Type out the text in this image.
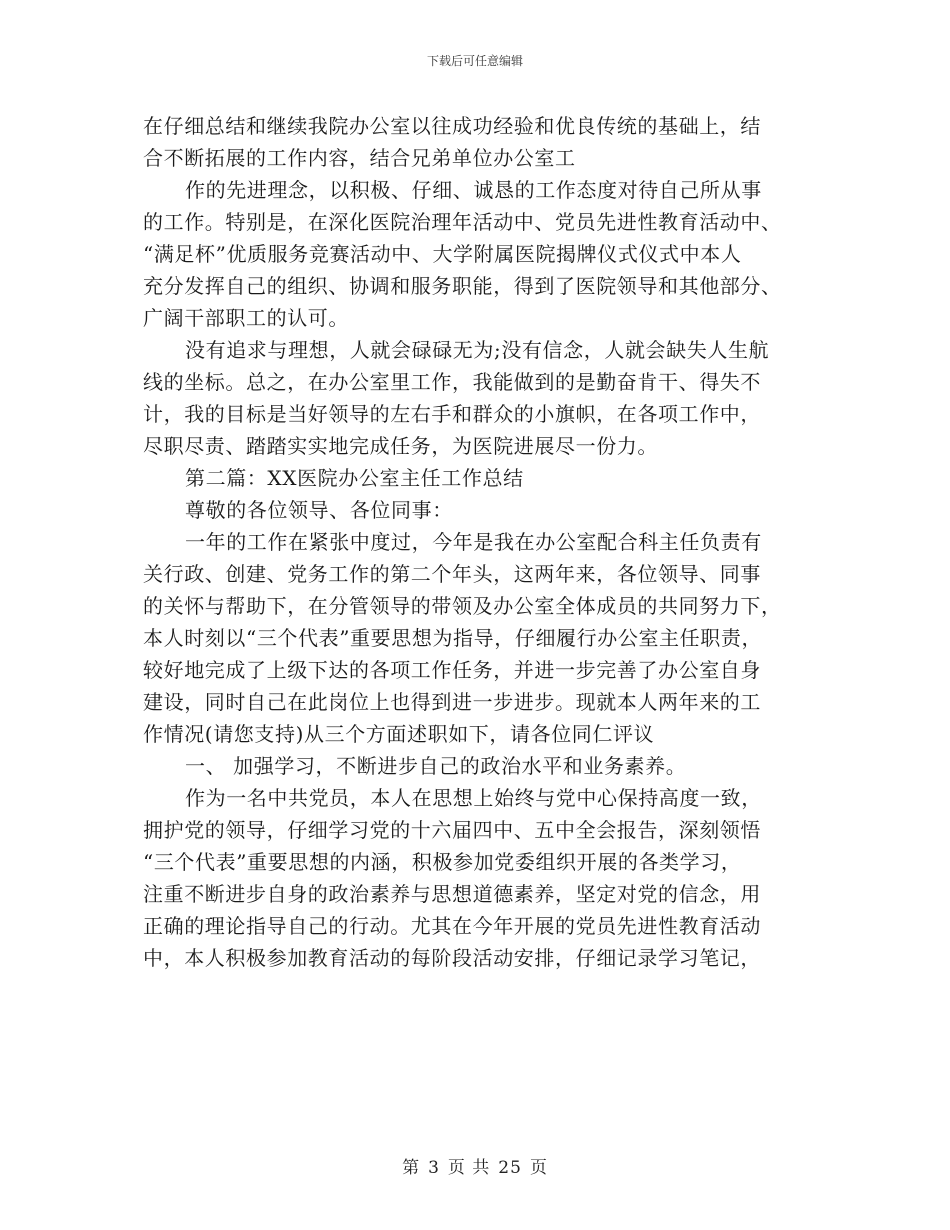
下载后可任意编辑
在仔细总结和继续我院办公室以往成功经验和优良传统的基础上，结
合不断拓展的工作内容，结合兄弟单位办公室工
作的先进理念，以积极、仔细、诚恳的工作态度对待自己所从事
的工作。特别是，在深化医院治理年活动中、党员先进性教育活动中、
“满足杯”优质服务竞赛活动中、大学附属医院揭牌仪式仪式中本人
充分发挥自己的组织、协调和服务职能，得到了医院领导和其他部分、
广阔干部职工的认可。
没有追求与理想，人就会碌碌无为;没有信念，人就会缺失人生航
线的坐标。总之，在办公室里工作，我能做到的是勤奋肯干、得失不
计，我的目标是当好领导的左右手和群众的小旗帜，在各项工作中，
尽职尽责、踏踏实实地完成任务，为医院进展尽一份力。
第二篇：XX医院办公室主任工作总结
尊敬的各位领导、各位同事：
一年的工作在紧张中度过，今年是我在办公室配合科主任负责有
关行政、创建、党务工作的第二个年头，这两年来，各位领导、同事
的关怀与帮助下，在分管领导的带领及办公室全体成员的共同努力下，
本人时刻以“三个代表”重要思想为指导，仔细履行办公室主任职责，
较好地完成了上级下达的各项工作任务，并进一步完善了办公室自身
建设，同时自己在此岗位上也得到进一步进步。现就本人两年来的工
作情况(请您支持)从三个方面述职如下，请各位同仁评议
一、 加强学习，不断进步自己的政治水平和业务素养。
作为一名中共党员，本人在思想上始终与党中心保持高度一致，
拥护党的领导，仔细学习党的十六届四中、五中全会报告，深刻领悟
“三个代表”重要思想的内涵，积极参加党委组织开展的各类学习，
注重不断进步自身的政治素养与思想道德素养，坚定对党的信念，用
正确的理论指导自己的行动。尤其在今年开展的党员先进性教育活动
中，本人积极参加教育活动的每阶段活动安排，仔细记录学习笔记，
第 3 页 共 25 页
